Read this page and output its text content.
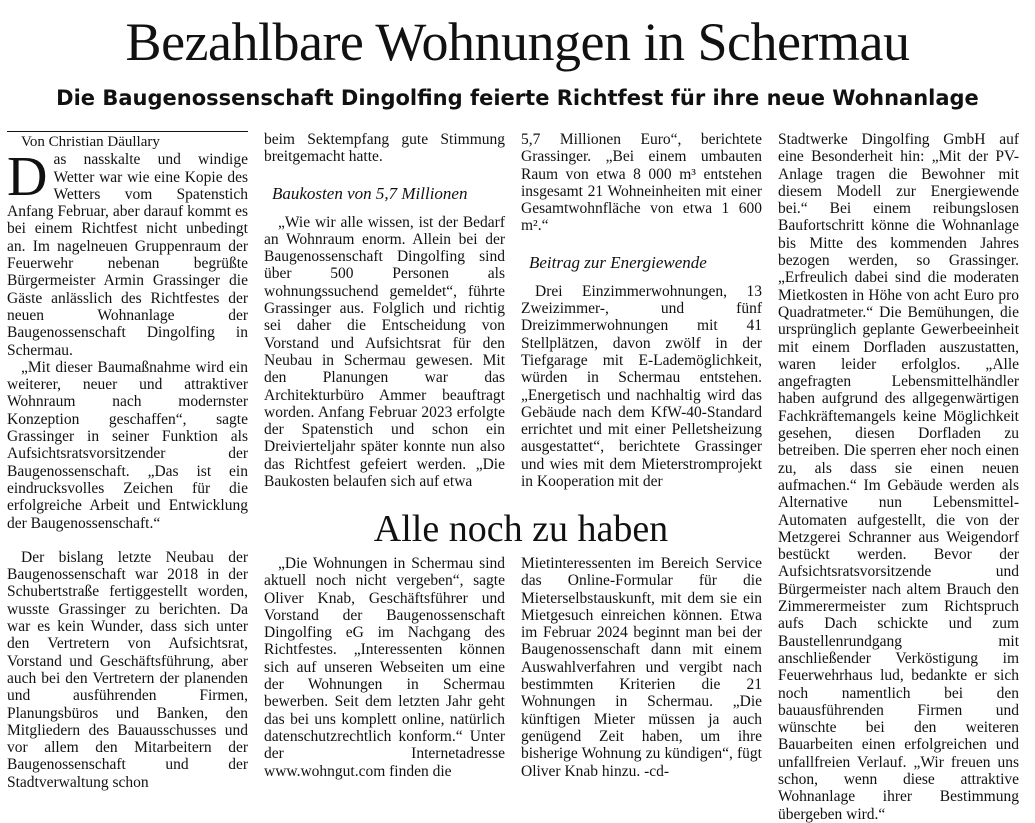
Bezahlbare Wohnungen in Schermau
Die Baugenossenschaft Dingolfing feierte Richtfest für ihre neue Wohnanlage

Von Christian Däullary

Das nasskalte und windige Wetter war wie eine Kopie des Wetters vom Spatenstich Anfang Februar, aber darauf kommt es bei einem Richtfest nicht unbedingt an. Im nagelneuen Gruppenraum der Feuerwehr nebenan begrüßte Bürgermeister Armin Grassinger die Gäste anlässlich des Richtfestes der neuen Wohnanlage der Baugenossenschaft Dingolfing in Schermau.

„Mit dieser Baumaßnahme wird ein weiterer, neuer und attraktiver Wohnraum nach modernster Konzeption geschaffen“, sagte Grassinger in seiner Funktion als Aufsichtsratsvorsitzender der Baugenossenschaft. „Das ist ein eindrucksvolles Zeichen für die erfolgreiche Arbeit und Entwicklung der Baugenossenschaft.“

Der bislang letzte Neubau der Baugenossenschaft war 2018 in der Schubertstraße fertiggestellt worden, wusste Grassinger zu berichten. Da war es kein Wunder, dass sich unter den Vertretern von Aufsichtsrat, Vorstand und Geschäftsführung, aber auch bei den Vertretern der planenden und ausführenden Firmen, Planungsbüros und Banken, den Mitgliedern des Bauausschusses und vor allem den Mitarbeitern der Baugenossenschaft und der Stadtverwaltung schon

beim Sektempfang gute Stimmung breitgemacht hatte.

Baukosten von 5,7 Millionen

„Wie wir alle wissen, ist der Bedarf an Wohnraum enorm. Allein bei der Baugenossenschaft Dingolfing sind über 500 Personen als wohnungssuchend gemeldet“, führte Grassinger aus. Folglich und richtig sei daher die Entscheidung von Vorstand und Aufsichtsrat für den Neubau in Schermau gewesen. Mit den Planungen war das Architekturbüro Ammer beauftragt worden. Anfang Februar 2023 erfolgte der Spatenstich und schon ein Dreivierteljahr später konnte nun also das Richtfest gefeiert werden. „Die Baukosten belaufen sich auf etwa

5,7 Millionen Euro“, berichtete Grassinger. „Bei einem umbauten Raum von etwa 8 000 m³ entstehen insgesamt 21 Wohneinheiten mit einer Gesamtwohnfläche von etwa 1 600 m².“

Beitrag zur Energiewende

Drei Einzimmerwohnungen, 13 Zweizimmer-, und fünf Dreizimmerwohnungen mit 41 Stellplätzen, davon zwölf in der Tiefgarage mit E-Lademöglichkeit, würden in Schermau entstehen. „Energetisch und nachhaltig wird das Gebäude nach dem KfW-40-Standard errichtet und mit einer Pelletsheizung ausgestattet“, berichtete Grassinger und wies mit dem Mieterstromprojekt in Kooperation mit der

Stadtwerke Dingolfing GmbH auf eine Besonderheit hin: „Mit der PV-Anlage tragen die Bewohner mit diesem Modell zur Energiewende bei.“ Bei einem reibungslosen Baufortschritt könne die Wohnanlage bis Mitte des kommenden Jahres bezogen werden, so Grassinger. „Erfreulich dabei sind die moderaten Mietkosten in Höhe von acht Euro pro Quadratmeter.“ Die Bemühungen, die ursprünglich geplante Gewerbeeinheit mit einem Dorfladen auszustatten, waren leider erfolglos. „Alle angefragten Lebensmittelhändler haben aufgrund des allgegenwärtigen Fachkräftemangels keine Möglichkeit gesehen, diesen Dorfladen zu betreiben. Die sperren eher noch einen zu, als dass sie einen neuen aufmachen.“ Im Gebäude werden als Alternative nun Lebensmittel-Automaten aufgestellt, die von der Metzgerei Schranner aus Weigendorf bestückt werden. Bevor der Aufsichtsratsvorsitzende und Bürgermeister nach altem Brauch den Zimmerermeister zum Richtspruch aufs Dach schickte und zum Baustellenrundgang mit anschließender Verköstigung im Feuerwehrhaus lud, bedankte er sich noch namentlich bei den bauausführenden Firmen und wünschte bei den weiteren Bauarbeiten einen erfolgreichen und unfallfreien Verlauf. „Wir freuen uns schon, wenn diese attraktive Wohnanlage ihrer Bestimmung übergeben wird.“

Alle noch zu haben

„Die Wohnungen in Schermau sind aktuell noch nicht vergeben“, sagte Oliver Knab, Geschäftsführer und Vorstand der Baugenossenschaft Dingolfing eG im Nachgang des Richtfestes. „Interessenten können sich auf unseren Webseiten um eine der Wohnungen in Schermau bewerben. Seit dem letzten Jahr geht das bei uns komplett online, natürlich datenschutzrechtlich konform.“ Unter der Internetadresse www.wohngut.com finden die

Mietinteressenten im Bereich Service das Online-Formular für die Mieterselbstauskunft, mit dem sie ein Mietgesuch einreichen können. Etwa im Februar 2024 beginnt man bei der Baugenossenschaft dann mit einem Auswahlverfahren und vergibt nach bestimmten Kriterien die 21 Wohnungen in Schermau. „Die künftigen Mieter müssen ja auch genügend Zeit haben, um ihre bisherige Wohnung zu kündigen“, fügt Oliver Knab hinzu. -cd-
